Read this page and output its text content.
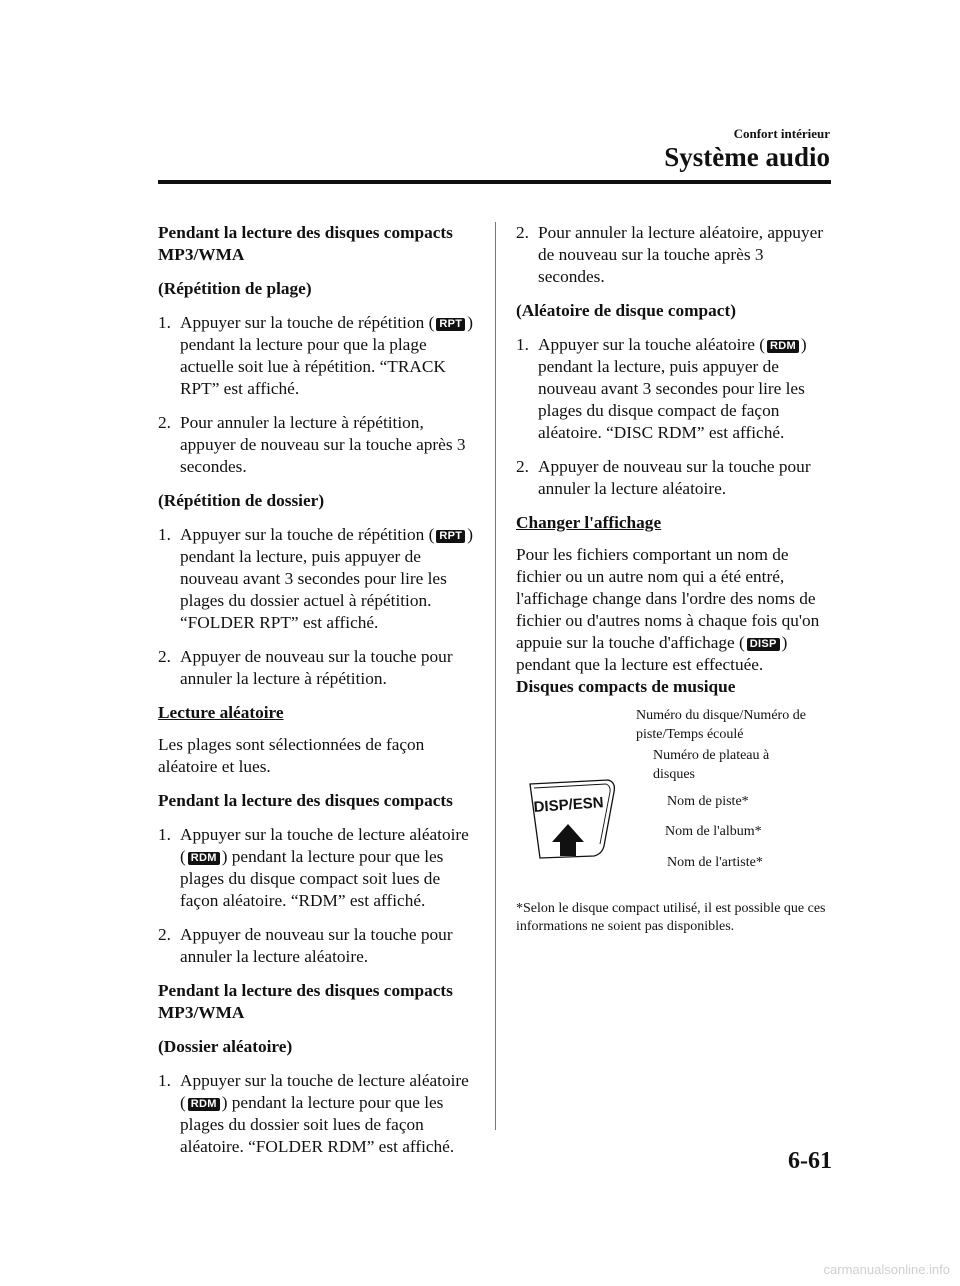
Confort intérieur
Système audio

Pendant la lecture des disques compacts MP3/WMA

(Répétition de plage)

1. Appuyer sur la touche de répétition ( RPT ) pendant la lecture pour que la plage actuelle soit lue à répétition. “TRACK RPT” est affiché.
2. Pour annuler la lecture à répétition, appuyer de nouveau sur la touche après 3 secondes.

(Répétition de dossier)

1. Appuyer sur la touche de répétition ( RPT ) pendant la lecture, puis appuyer de nouveau avant 3 secondes pour lire les plages du dossier actuel à répétition. “FOLDER RPT” est affiché.
2. Appuyer de nouveau sur la touche pour annuler la lecture à répétition.
Lecture aléatoire

Les plages sont sélectionnées de façon aléatoire et lues.

Pendant la lecture des disques compacts

1. Appuyer sur la touche de lecture aléatoire ( RDM ) pendant la lecture pour que les plages du disque compact soit lues de façon aléatoire. “RDM” est affiché.
2. Appuyer de nouveau sur la touche pour annuler la lecture aléatoire.

Pendant la lecture des disques compacts MP3/WMA

(Dossier aléatoire)

1. Appuyer sur la touche de lecture aléatoire ( RDM ) pendant la lecture pour que les plages du dossier soit lues de façon aléatoire. “FOLDER RDM” est affiché.
2. Pour annuler la lecture aléatoire, appuyer de nouveau sur la touche après 3 secondes.

(Aléatoire de disque compact)

1. Appuyer sur la touche aléatoire ( RDM ) pendant la lecture, puis appuyer de nouveau avant 3 secondes pour lire les plages du disque compact de façon aléatoire. “DISC RDM” est affiché.
2. Appuyer de nouveau sur la touche pour annuler la lecture aléatoire.
Changer l'affichage

Pour les fichiers comportant un nom de fichier ou un autre nom qui a été entré, l'affichage change dans l'ordre des noms de fichier ou d'autres noms à chaque fois qu'on appuie sur la touche d'affichage ( DISP ) pendant que la lecture est effectuée.

Disques compacts de musique
Numéro du disque/Numéro de piste/Temps écoulé
Numéro de plateau à disques
Nom de piste*
Nom de l'album*
Nom de l'artiste*
DISP/ESN
*Selon le disque compact utilisé, il est possible que ces informations ne soient pas disponibles.
6-61
carmanualsonline.info
